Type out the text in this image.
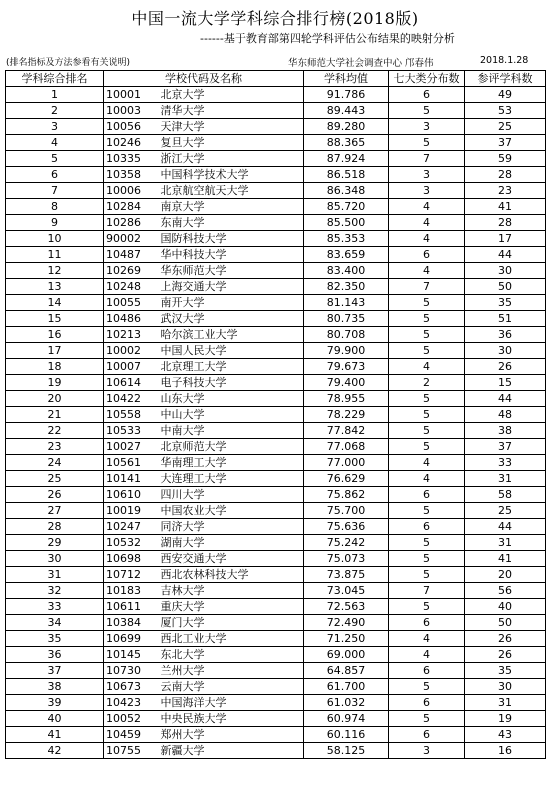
中国一流大学学科综合排行榜(2018版)
------基于教育部第四轮学科评估公布结果的映射分析
(排名指标及方法参看有关说明)	华东师范大学社会调查中心 邝春伟	2018.1.28
学科综合排名	学校代码及名称		学科均值	七大类分布数	参评学科数
1	10001	北京大学	91.786	6	49
2	10003	清华大学	89.443	5	53
3	10056	天津大学	89.280	3	25
4	10246	复旦大学	88.365	5	37
5	10335	浙江大学	87.924	7	59
6	10358	中国科学技术大学	86.518	3	28
7	10006	北京航空航天大学	86.348	3	23
8	10284	南京大学	85.720	4	41
9	10286	东南大学	85.500	4	28
10	90002	国防科技大学	85.353	4	17
11	10487	华中科技大学	83.659	6	44
12	10269	华东师范大学	83.400	4	30
13	10248	上海交通大学	82.350	7	50
14	10055	南开大学	81.143	5	35
15	10486	武汉大学	80.735	5	51
16	10213	哈尔滨工业大学	80.708	5	36
17	10002	中国人民大学	79.900	5	30
18	10007	北京理工大学	79.673	4	26
19	10614	电子科技大学	79.400	2	15
20	10422	山东大学	78.955	5	44
21	10558	中山大学	78.229	5	48
22	10533	中南大学	77.842	5	38
23	10027	北京师范大学	77.068	5	37
24	10561	华南理工大学	77.000	4	33
25	10141	大连理工大学	76.629	4	31
26	10610	四川大学	75.862	6	58
27	10019	中国农业大学	75.700	5	25
28	10247	同济大学	75.636	6	44
29	10532	湖南大学	75.242	5	31
30	10698	西安交通大学	75.073	5	41
31	10712	西北农林科技大学	73.875	5	20
32	10183	吉林大学	73.045	7	56
33	10611	重庆大学	72.563	5	40
34	10384	厦门大学	72.490	6	50
35	10699	西北工业大学	71.250	4	26
36	10145	东北大学	69.000	4	26
37	10730	兰州大学	64.857	6	35
38	10673	云南大学	61.700	5	30
39	10423	中国海洋大学	61.032	6	31
40	10052	中央民族大学	60.974	5	19
41	10459	郑州大学	60.116	6	43
42	10755	新疆大学	58.125	3	16
